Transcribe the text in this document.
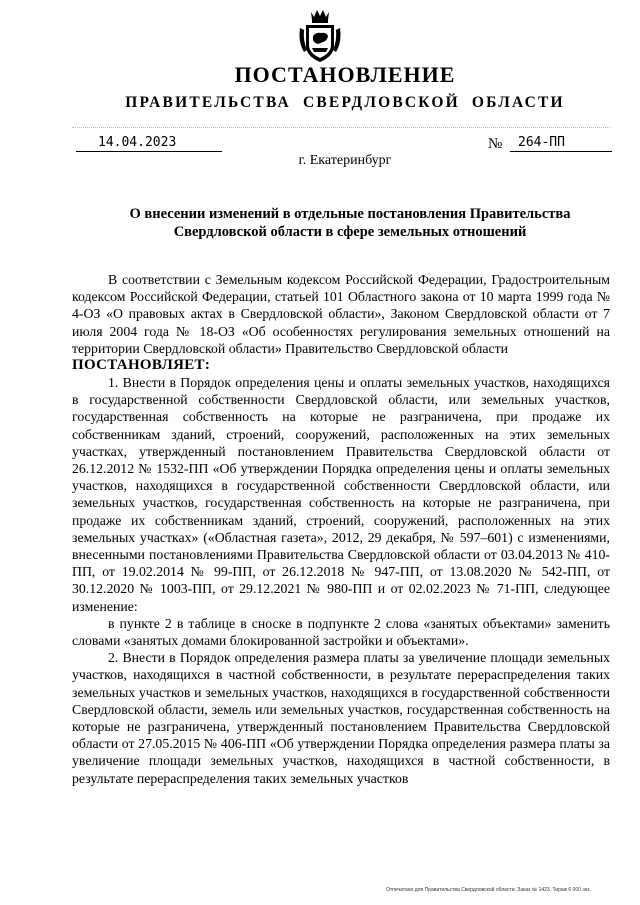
ПОСТАНОВЛЕНИЕ
ПРАВИТЕЛЬСТВА СВЕРДЛОВСКОЙ ОБЛАСТИ
14.04.2023	№	264-ПП
г. Екатеринбург
О внесении изменений в отдельные постановления Правительства
Свердловской области в сфере земельных отношений

В соответствии с Земельным кодексом Российской Федерации, Градостроительным кодексом Российской Федерации, статьей 101 Областного закона от 10 марта 1999 года № 4-ОЗ «О правовых актах в Свердловской области», Законом Свердловской области от 7 июля 2004 года № 18-ОЗ «Об особенностях регулирования земельных отношений на территории Свердловской области» Правительство Свердловской области

ПОСТАНОВЛЯЕТ:

1. Внести в Порядок определения цены и оплаты земельных участков, находящихся в государственной собственности Свердловской области, или земельных участков, государственная собственность на которые не разграничена, при продаже их собственникам зданий, строений, сооружений, расположенных на этих земельных участках, утвержденный постановлением Правительства Свердловской области от 26.12.2012 № 1532-ПП «Об утверждении Порядка определения цены и оплаты земельных участков, находящихся в государственной собственности Свердловской области, или земельных участков, государственная собственность на которые не разграничена, при продаже их собственникам зданий, строений, сооружений, расположенных на этих земельных участках» («Областная газета», 2012, 29 декабря, № 597–601) с изменениями, внесенными постановлениями Правительства Свердловской области от 03.04.2013 № 410-ПП, от 19.02.2014 № 99-ПП, от 26.12.2018 № 947-ПП, от 13.08.2020 № 542-ПП, от 30.12.2020 № 1003-ПП, от 29.12.2021 № 980-ПП и от 02.02.2023 № 71-ПП, следующее изменение:

в пункте 2 в таблице в сноске в подпункте 2 слова «занятых объектами» заменить словами «занятых домами блокированной застройки и объектами».

2. Внести в Порядок определения размера платы за увеличение площади земельных участков, находящихся в частной собственности, в результате перераспределения таких земельных участков и земельных участков, находящихся в государственной собственности Свердловской области, земель или земельных участков, государственная собственность на которые не разграничена, утвержденный постановлением Правительства Свердловской области от 27.05.2015 № 406-ПП «Об утверждении Порядка определения размера платы за увеличение площади земельных участков, находящихся в частной собственности, в результате перераспределения таких земельных участков

Отпечатано для Правительства Свердловской области. Заказ № 1423. Тираж 6 000 экз.
